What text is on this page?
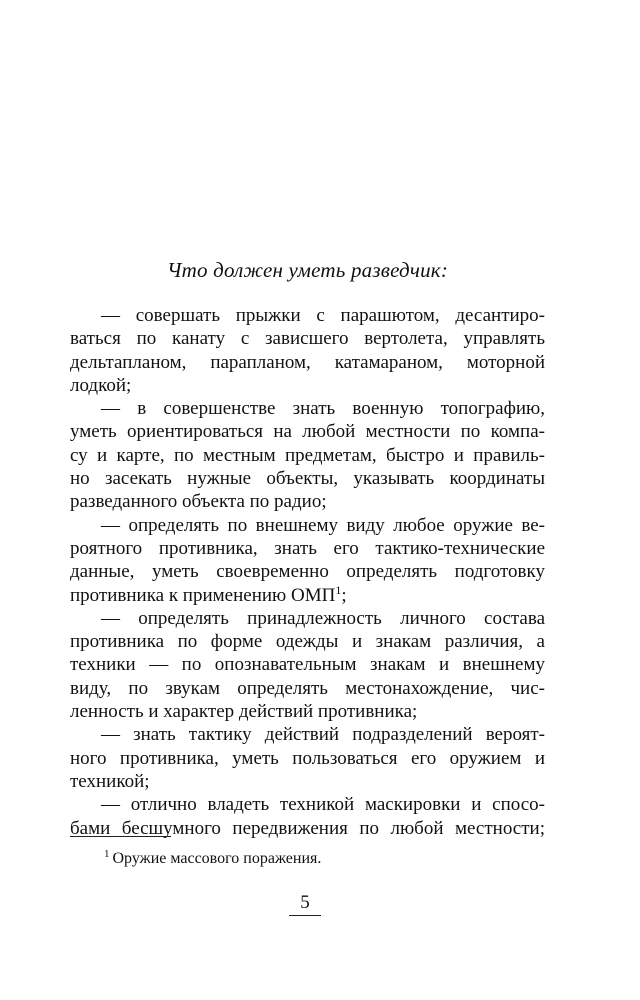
Что должен уметь разведчик:
— совершать прыжки с парашютом, десантиро-
ваться по канату с зависшего вертолета, управлять
дельтапланом, парапланом, катамараном, моторной
лодкой;
— в совершенстве знать военную топографию,
уметь ориентироваться на любой местности по компа-
су и карте, по местным предметам, быстро и правиль-
но засекать нужные объекты, указывать координаты
разведанного объекта по радио;
— определять по внешнему виду любое оружие ве-
роятного противника, знать его тактико-технические
данные, уметь своевременно определять подготовку
противника к применению ОМП$^1$;
— определять принадлежность личного состава
противника по форме одежды и знакам различия, а
техники — по опознавательным знакам и внешнему
виду, по звукам определять местонахождение, чис-
ленность и характер действий противника;
— знать тактику действий подразделений вероят-
ного противника, уметь пользоваться его оружием и
техникой;
— отлично владеть техникой маскировки и спосо-
бами бесшумного передвижения по любой местности;
$^1$ Оружие массового поражения.
5
